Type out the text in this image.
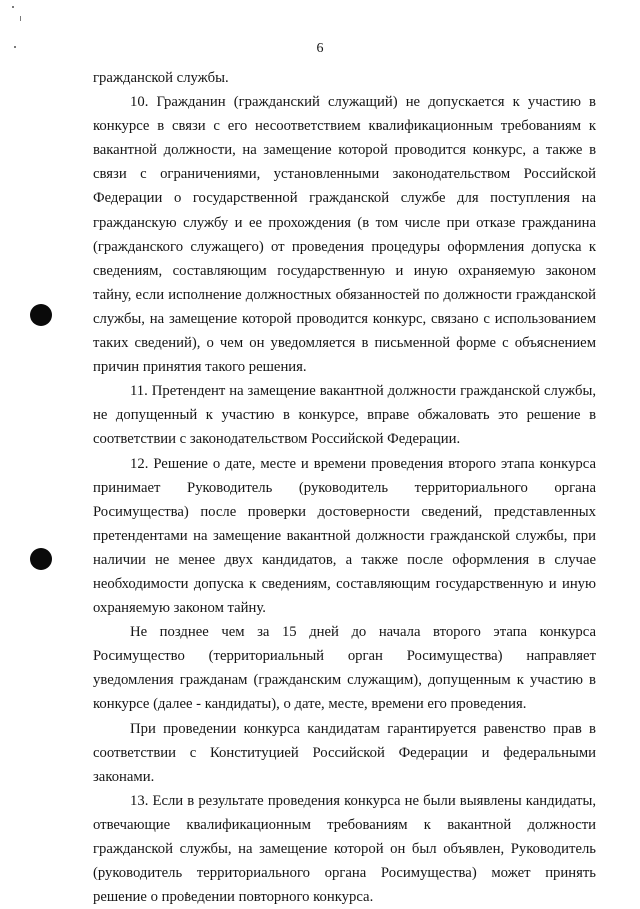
6

гражданской службы.

10. Гражданин (гражданский служащий) не допускается к участию в конкурсе в связи с его несоответствием квалификационным требованиям к вакантной должности, на замещение которой проводится конкурс, а также в связи с ограничениями, установленными законодательством Российской Федерации о государственной гражданской службе для поступления на гражданскую службу и ее прохождения (в том числе при отказе гражданина (гражданского служащего) от проведения процедуры оформления допуска к сведениям, составляющим государственную и иную охраняемую законом тайну, если исполнение должностных обязанностей по должности гражданской службы, на замещение которой проводится конкурс, связано с использованием таких сведений), о чем он уведомляется в письменной форме с объяснением причин принятия такого решения.

11. Претендент на замещение вакантной должности гражданской службы, не допущенный к участию в конкурсе, вправе обжаловать это решение в соответствии с законодательством Российской Федерации.

12. Решение о дате, месте и времени проведения второго этапа конкурса принимает Руководитель (руководитель территориального органа Росимущества) после проверки достоверности сведений, представленных претендентами на замещение вакантной должности гражданской службы, при наличии не менее двух кандидатов, а также после оформления в случае необходимости допуска к сведениям, составляющим государственную и иную охраняемую законом тайну.

Не позднее чем за 15 дней до начала второго этапа конкурса Росимущество (территориальный орган Росимущества) направляет уведомления гражданам (гражданским служащим), допущенным к участию в конкурсе (далее - кандидаты), о дате, месте, времени его проведения.

При проведении конкурса кандидатам гарантируется равенство прав в соответствии с Конституцией Российской Федерации и федеральными законами.

13. Если в результате проведения конкурса не были выявлены кандидаты, отвечающие квалификационным требованиям к вакантной должности гражданской службы, на замещение которой он был объявлен, Руководитель (руководитель территориального органа Росимущества) может принять решение о проведении повторного конкурса.
